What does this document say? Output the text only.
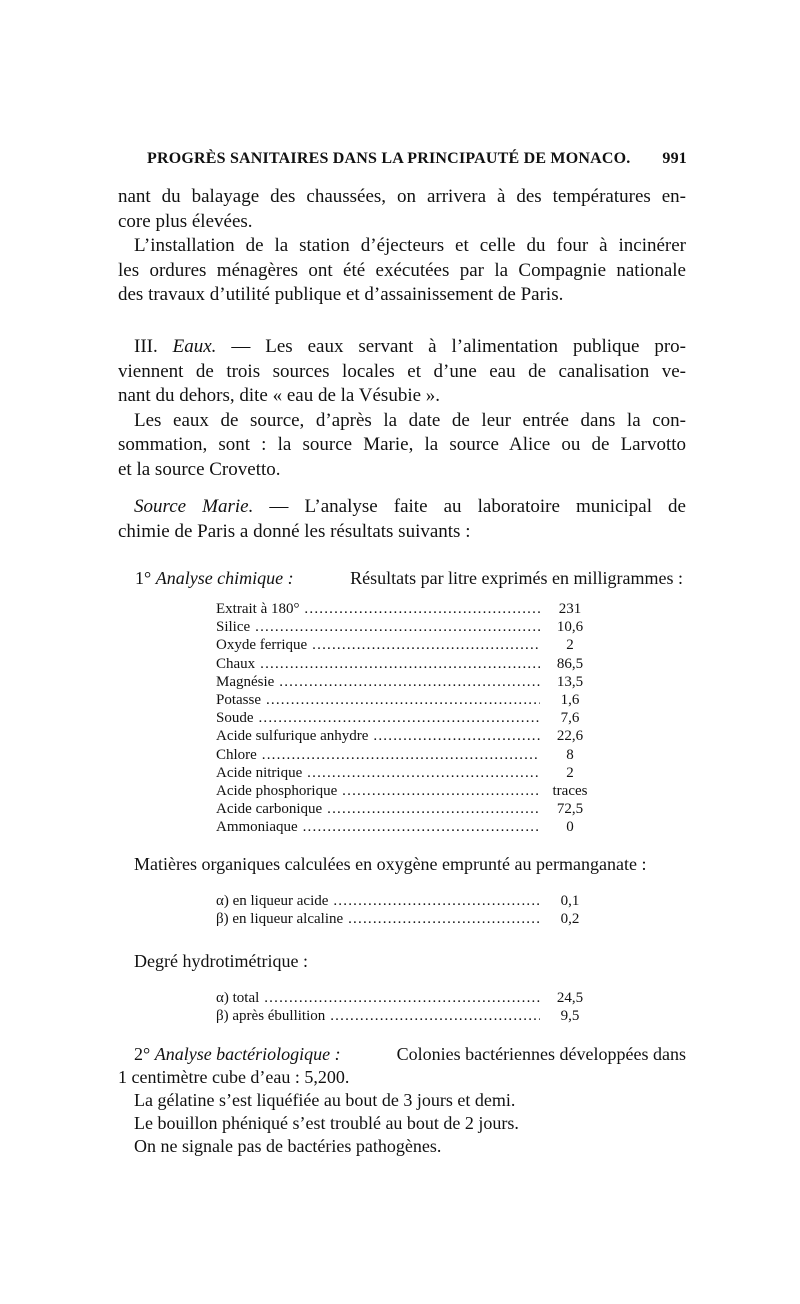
PROGRÈS SANITAIRES DANS LA PRINCIPAUTÉ DE MONACO. 991
nant du balayage des chaussées, on arrivera à des températures en-
core plus élevées.
L’installation de la station d’éjecteurs et celle du four à incinérer
les ordures ménagères ont été exécutées par la Compagnie nationale
des travaux d’utilité publique et d’assainissement de Paris.
III. Eaux. — Les eaux servant à l’alimentation publique pro-
viennent de trois sources locales et d’une eau de canalisation ve-
nant du dehors, dite « eau de la Vésubie ».
Les eaux de source, d’après la date de leur entrée dans la con-
sommation, sont : la source Marie, la source Alice ou de Larvotto
et la source Crovetto.
Source Marie. — L’analyse faite au laboratoire municipal de
chimie de Paris a donné les résultats suivants :
1° Analyse chimique :	Résultats par litre exprimés en milligrammes :
Extrait à 180° .....	231
Silice .....	10,6
Oxyde ferrique .....	2
Chaux .....	86,5
Magnésie .....	13,5
Potasse .....	1,6
Soude .....	7,6
Acide sulfurique anhydre .....	22,6
Chlore .....	8
Acide nitrique .....	2
Acide phosphorique .....	traces
Acide carbonique .....	72,5
Ammoniaque .....	0
Matières organiques calculées en oxygène emprunté au permanganate :
α) en liqueur acide .....	0,1
β) en liqueur alcaline .....	0,2
Degré hydrotimétrique :
α) total .....	24,5
β) après ébullition .....	9,5
2° Analyse bactériologique :	Colonies bactériennes développées dans
1 centimètre cube d’eau : 5,200.
La gélatine s’est liquéfiée au bout de 3 jours et demi.
Le bouillon phéniqué s’est troublé au bout de 2 jours.
On ne signale pas de bactéries pathogènes.
